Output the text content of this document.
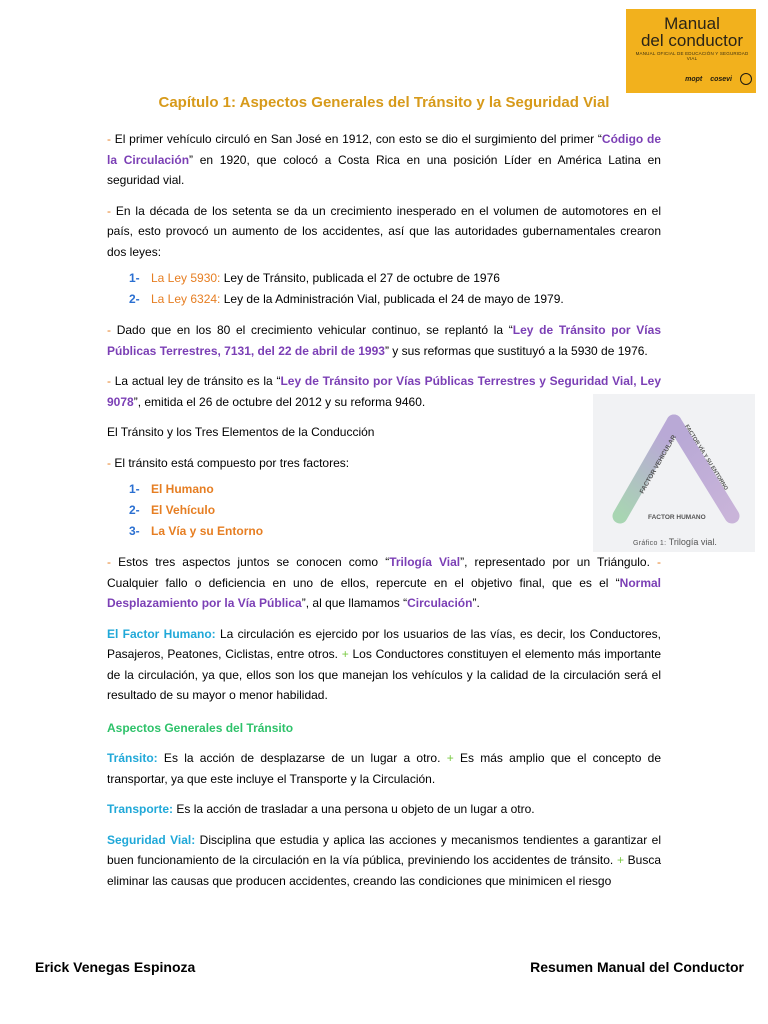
Manual
del conductor
MANUAL OFICIAL DE EDUCACIÓN Y SEGURIDAD VIAL
mopt cosevi
Capítulo 1: Aspectos Generales del Tránsito y la Seguridad Vial

- El primer vehículo circuló en San José en 1912, con esto se dio el surgimiento del primer “Código de la Circulación” en 1920, que colocó a Costa Rica en una posición Líder en América Latina en seguridad vial.

- En la década de los setenta se da un crecimiento inesperado en el volumen de automotores en el país, esto provocó un aumento de los accidentes, así que las autoridades gubernamentales crearon dos leyes:

1- La Ley 5930: Ley de Tránsito, publicada el 27 de octubre de 1976
2- La Ley 6324: Ley de la Administración Vial, publicada el 24 de mayo de 1979.

- Dado que en los 80 el crecimiento vehicular continuo, se replantó la “Ley de Tránsito por Vías Públicas Terrestres, 7131, del 22 de abril de 1993” y sus reformas que sustituyó a la 5930 de 1976.

- La actual ley de tránsito es la “Ley de Tránsito por Vías Públicas Terrestres y Seguridad Vial, Ley 9078”, emitida el 26 de octubre del 2012 y su reforma 9460.

El Tránsito y los Tres Elementos de la Conducción

- El tránsito está compuesto por tres factores:

1- El Humano
2- El Vehículo
3- La Vía y su Entorno

- Estos tres aspectos juntos se conocen como “Trilogía Vial”, representado por un Triángulo. - Cualquier fallo o deficiencia en uno de ellos, repercute en el objetivo final, que es el “Normal Desplazamiento por la Vía Pública”, al que llamamos “Circulación”.

El Factor Humano: La circulación es ejercido por los usuarios de las vías, es decir, los Conductores, Pasajeros, Peatones, Ciclistas, entre otros. + Los Conductores constituyen el elemento más importante de la circulación, ya que, ellos son los que manejan los vehículos y la calidad de la circulación será el resultado de su mayor o menor habilidad.

Aspectos Generales del Tránsito

Tránsito: Es la acción de desplazarse de un lugar a otro. + Es más amplio que el concepto de transportar, ya que este incluye el Transporte y la Circulación.

Transporte: Es la acción de trasladar a una persona u objeto de un lugar a otro.

Seguridad Vial: Disciplina que estudia y aplica las acciones y mecanismos tendientes a garantizar el buen funcionamiento de la circulación en la vía pública, previniendo los accidentes de tránsito. + Busca eliminar las causas que producen accidentes, creando las condiciones que minimicen el riesgo

FACTOR VEHICULAR FACTOR VÍA Y SU ENTORNO
FACTOR HUMANO
Gráfico 1: Trilogía vial.
Erick Venegas Espinoza	Resumen Manual del Conductor
